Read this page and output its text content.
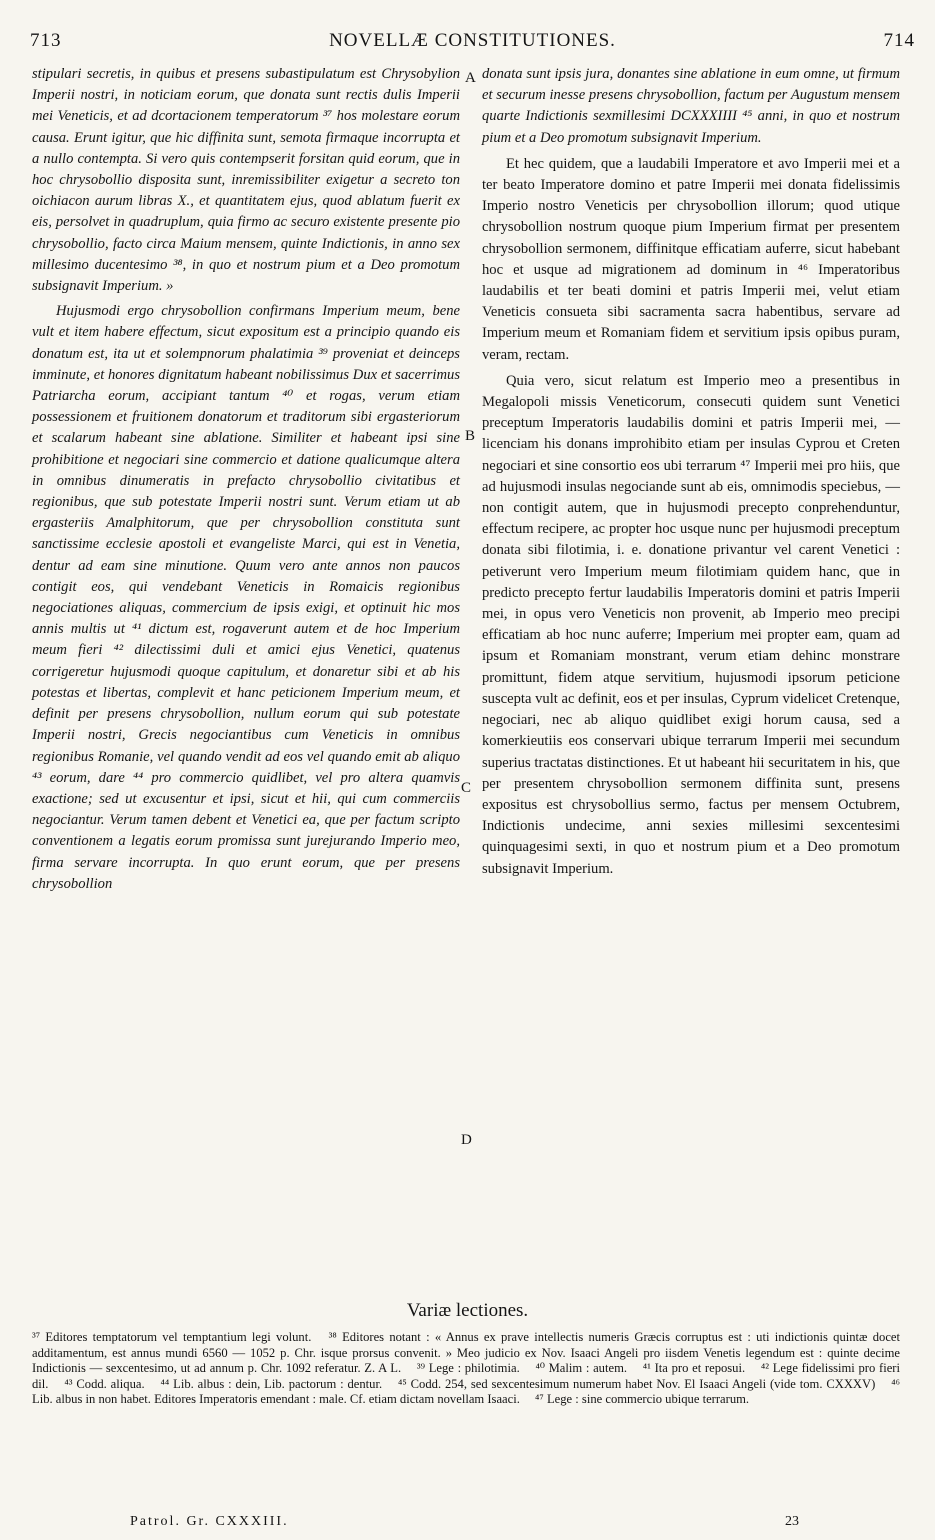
713	NOVELLÆ CONSTITUTIONES.	714

stipulari secretis, in quibus et presens subastipulatum est Chrysobylion Imperii nostri, in noticiam eorum, que donata sunt rectis dulis Imperii mei Veneticis, et ad dcortacionem temperatorum ³⁷ hos molestare eorum causa. Erunt igitur, que hic diffinita sunt, semota firmaque incorrupta et a nullo contempta. Si vero quis contempserit forsitan quid eorum, que in hoc chrysobollio disposita sunt, inremissibiliter exigetur a secreto ton oichiacon aurum libras X., et quantitatem ejus, quod ablatum fuerit ex eis, persolvet in quadruplum, quia firmo ac securo existente presente pio chrysobollio, facto circa Maium mensem, quinte Indictionis, in anno sex millesimo ducentesimo ³⁸, in quo et nostrum pium et a Deo promotum subsignavit Imperium. »

Hujusmodi ergo chrysobollion confirmans Imperium meum, bene vult et item habere effectum, sicut expositum est a principio quando eis donatum est, ita ut et solempnorum phalatimia ³⁹ proveniat et deinceps imminute, et honores dignitatum habeant nobilissimus Dux et sacerrimus Patriarcha eorum, accipiant tantum ⁴⁰ et rogas, verum etiam possessionem et fruitionem donatorum et traditorum sibi ergasteriorum et scalarum habeant sine ablatione. Similiter et habeant ipsi sine prohibitione et negociari sine commercio et datione qualicumque altera in omnibus dinumeratis in prefacto chrysobollio civitatibus et regionibus, que sub potestate Imperii nostri sunt. Verum etiam ut ab ergasteriis Amalphitorum, que per chrysobollion constituta sunt sanctissime ecclesie apostoli et evangeliste Marci, qui est in Venetia, dentur ad eam sine minutione. Quum vero ante annos non paucos contigit eos, qui vendebant Veneticis in Romaicis regionibus negociationes aliquas, commercium de ipsis exigi, et optinuit hic mos annis multis ut ⁴¹ dictum est, rogaverunt autem et de hoc Imperium meum fieri ⁴² dilectissimi duli et amici ejus Venetici, quatenus corrigeretur hujusmodi quoque capitulum, et donaretur sibi et ab his potestas et libertas, complevit et hanc peticionem Imperium meum, et definit per presens chrysobollion, nullum eorum qui sub potestate Imperii nostri, Grecis negociantibus cum Veneticis in omnibus regionibus Romanie, vel quando vendit ad eos vel quando emit ab aliquo ⁴³ eorum, dare ⁴⁴ pro commercio quidlibet, vel pro altera quamvis exactione; sed ut excusentur et ipsi, sicut et hii, qui cum commerciis negociantur. Verum tamen debent et Venetici ea, que per factum scripto conventionem a legatis eorum promissa sunt jurejurando Imperio meo, firma servare incorrupta. In quo erunt eorum, que per presens chrysobollion

donata sunt ipsis jura, donantes sine ablatione in eum omne, ut firmum et securum inesse presens chrysobollion, factum per Augustum mensem quarte Indictionis sexmillesimi DCXXXIIII ⁴⁵ anni, in quo et nostrum pium et a Deo promotum subsignavit Imperium.

Et hec quidem, que a laudabili Imperatore et avo Imperii mei et a ter beato Imperatore domino et patre Imperii mei donata fidelissimis Imperio nostro Veneticis per chrysobollion illorum; quod utique chrysobollion nostrum quoque pium Imperium firmat per presentem chrysobollion sermonem, diffinitque efficatiam auferre, sicut habebant hoc et usque ad migrationem ad dominum in ⁴⁶ Imperatoribus laudabilis et ter beati domini et patris Imperii mei, velut etiam Veneticis consueta sibi sacramenta sacra habentibus, servare ad Imperium meum et Romaniam fidem et servitium ipsis opibus puram, veram, rectam.

Quia vero, sicut relatum est Imperio meo a presentibus in Megalopoli missis Veneticorum, consecuti quidem sunt Venetici preceptum Imperatoris laudabilis domini et patris Imperii mei, — licenciam his donans improhibito etiam per insulas Cyprou et Creten negociari et sine consortio eos ubi terrarum ⁴⁷ Imperii mei pro hiis, que ad hujusmodi insulas negociande sunt ab eis, omnimodis speciebus, — non contigit autem, que in hujusmodi precepto conprehenduntur, effectum recipere, ac propter hoc usque nunc per hujusmodi preceptum donata sibi filotimia, i. e. donatione privantur vel carent Venetici : petiverunt vero Imperium meum filotimiam quidem hanc, que in predicto precepto fertur laudabilis Imperatoris domini et patris Imperii mei, in opus vero Veneticis non provenit, ab Imperio meo precipi efficatiam ab hoc nunc auferre; Imperium mei propter eam, quam ad ipsum et Romaniam monstrant, verum etiam dehinc monstrare promittunt, fidem atque servitium, hujusmodi ipsorum peticione suscepta vult ac definit, eos et per insulas, Cyprum videlicet Cretenque, negociari, nec ab aliquo quidlibet exigi horum causa, sed a komerkieutiis eos conservari ubique terrarum Imperii mei secundum superius tractatas distinctiones. Et ut habeant hii securitatem in his, que per presentem chrysobollion sermonem diffinita sunt, presens expositus est chrysobollius sermo, factus per mensem Octubrem, Indictionis undecime, anni sexies millesimi sexcentesimi quinquagesimi sexti, in quo et nostrum pium et a Deo promotum subsignavit Imperium.

A
B
C
D
Variæ lectiones.
³⁷ Editores temptatorum vel temptantium legi volunt. ³⁸ Editores notant : « Annus ex prave intellectis numeris Græcis corruptus est : uti indictionis quintæ docet additamentum, est annus mundi 6560 — 1052 p. Chr. isque prorsus convenit. » Meo judicio ex Nov. Isaaci Angeli pro iisdem Venetis legendum est : quinte decime Indictionis — sexcentesimo, ut ad annum p. Chr. 1092 referatur. Z. A L. ³⁹ Lege : philotimia. ⁴⁰ Malim : autem. ⁴¹ Ita pro et reposui. ⁴² Lege fidelissimi pro fieri dil. ⁴³ Codd. aliqua. ⁴⁴ Lib. albus : dein, Lib. pactorum : dentur. ⁴⁵ Codd. 254, sed sexcentesimum numerum habet Nov. El Isaaci Angeli (vide tom. CXXXV) ⁴⁶ Lib. albus in non habet. Editores Imperatoris emendant : male. Cf. etiam dictam novellam Isaaci. ⁴⁷ Lege : sine commercio ubique terrarum.
Patrol. Gr. CXXXIII.	23
